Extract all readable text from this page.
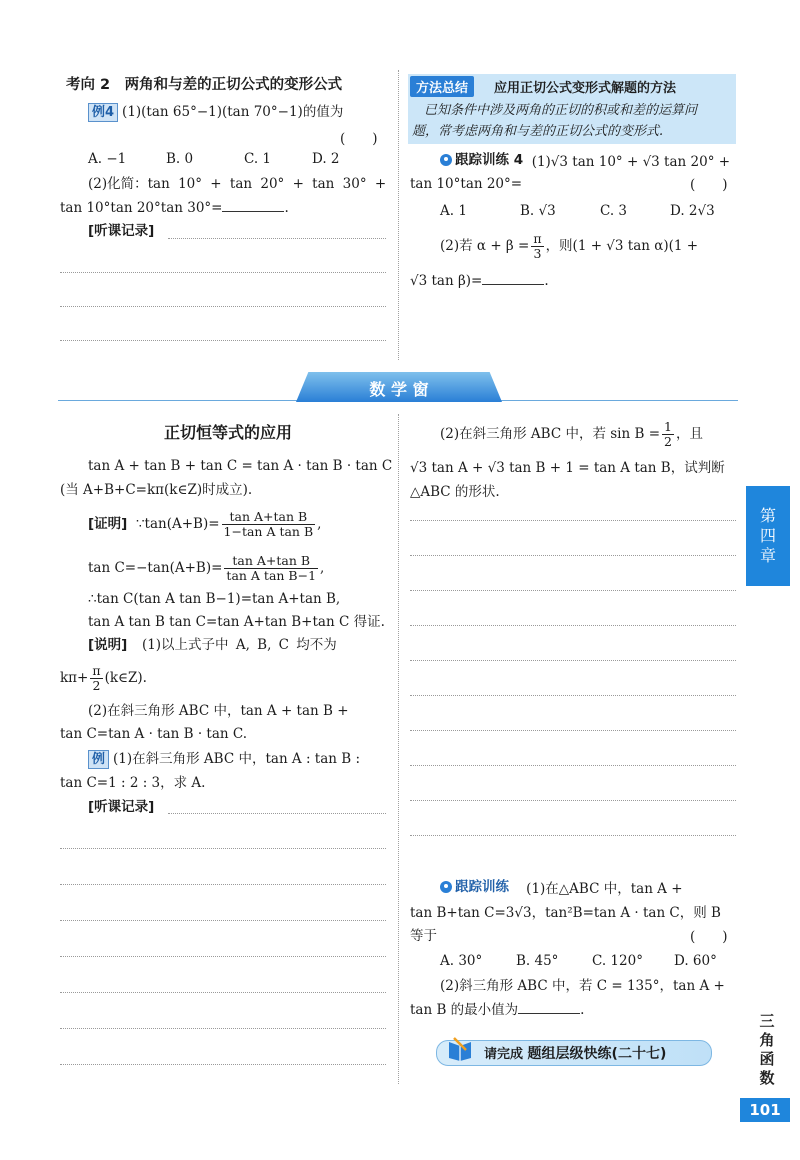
考向 2　两角和与差的正切公式的变形公式
例4 (1)(tan 65°−1)(tan 70°−1)的值为
(　　)
A. −1	B. 0	C. 1	D. 2
(2)化简：tan 10° + tan 20° + tan 30° +
tan 10°tan 20°tan 30°=	.
[听课记录]
方法总结	应用正切公式变形式解题的方法
已知条件中涉及两角的正切的积或和差的运算问
题，常考虑两角和与差的正切公式的变形式.
跟踪训练 4 (1)√3 tan 10° + √3 tan 20° +
tan 10°tan 20°=	(　　)
A. 1	B. √3	C. 3	D. 2√3
(2)若 $\alpha + \beta = \frac{\pi}{3}$ ，则(1 + √3 tan α)(1 +
√3 tan β)=	.
数 学 窗
正切恒等式的应用
tan A + tan B + tan C = tan A · tan B · tan C
(当 A+B+C=kπ(k∈Z)时成立).
[证明] ∵tan(A+B)= $\frac{\text{tan A+tan B}}{\text{1−tan A tan B}}$ ,
$\tan C=-\tan(A+B)= \frac{\text{tan A+tan B}}{\text{tan A tan B−1}}$ ,
∴tan C(tan A tan B−1)=tan A+tan B,
tan A tan B tan C=tan A+tan B+tan C 得证.
[说明] (1)以上式子中 A, B, C 均不为
$k\pi+ \frac{\pi}{2}$ (k∈Z).
(2)在斜三角形 ABC 中，tan A + tan B +
tan C=tan A · tan B · tan C.
例 (1)在斜三角形 ABC 中，tan A : tan B :
tan C=1 : 2 : 3，求 A.
[听课记录]
(2)在斜三角形 ABC 中，若 $\sin B = \frac{1}{2}$ ，且
√3 tan A + √3 tan B + 1 = tan A tan B，试判断
△ABC 的形状.
跟踪训练 (1)在△ABC 中，tan A +
tan B+tan C=3√3，tan²B=tan A · tan C，则 B
等于	(　　)
A. 30° B. 45° C. 120° D. 60°
(2)斜三角形 ABC 中，若 C = 135°，tan A +
tan B 的最小值为	.
请完成 题组层级快练(二十七)
第
四
章
三
角
函
数
101
